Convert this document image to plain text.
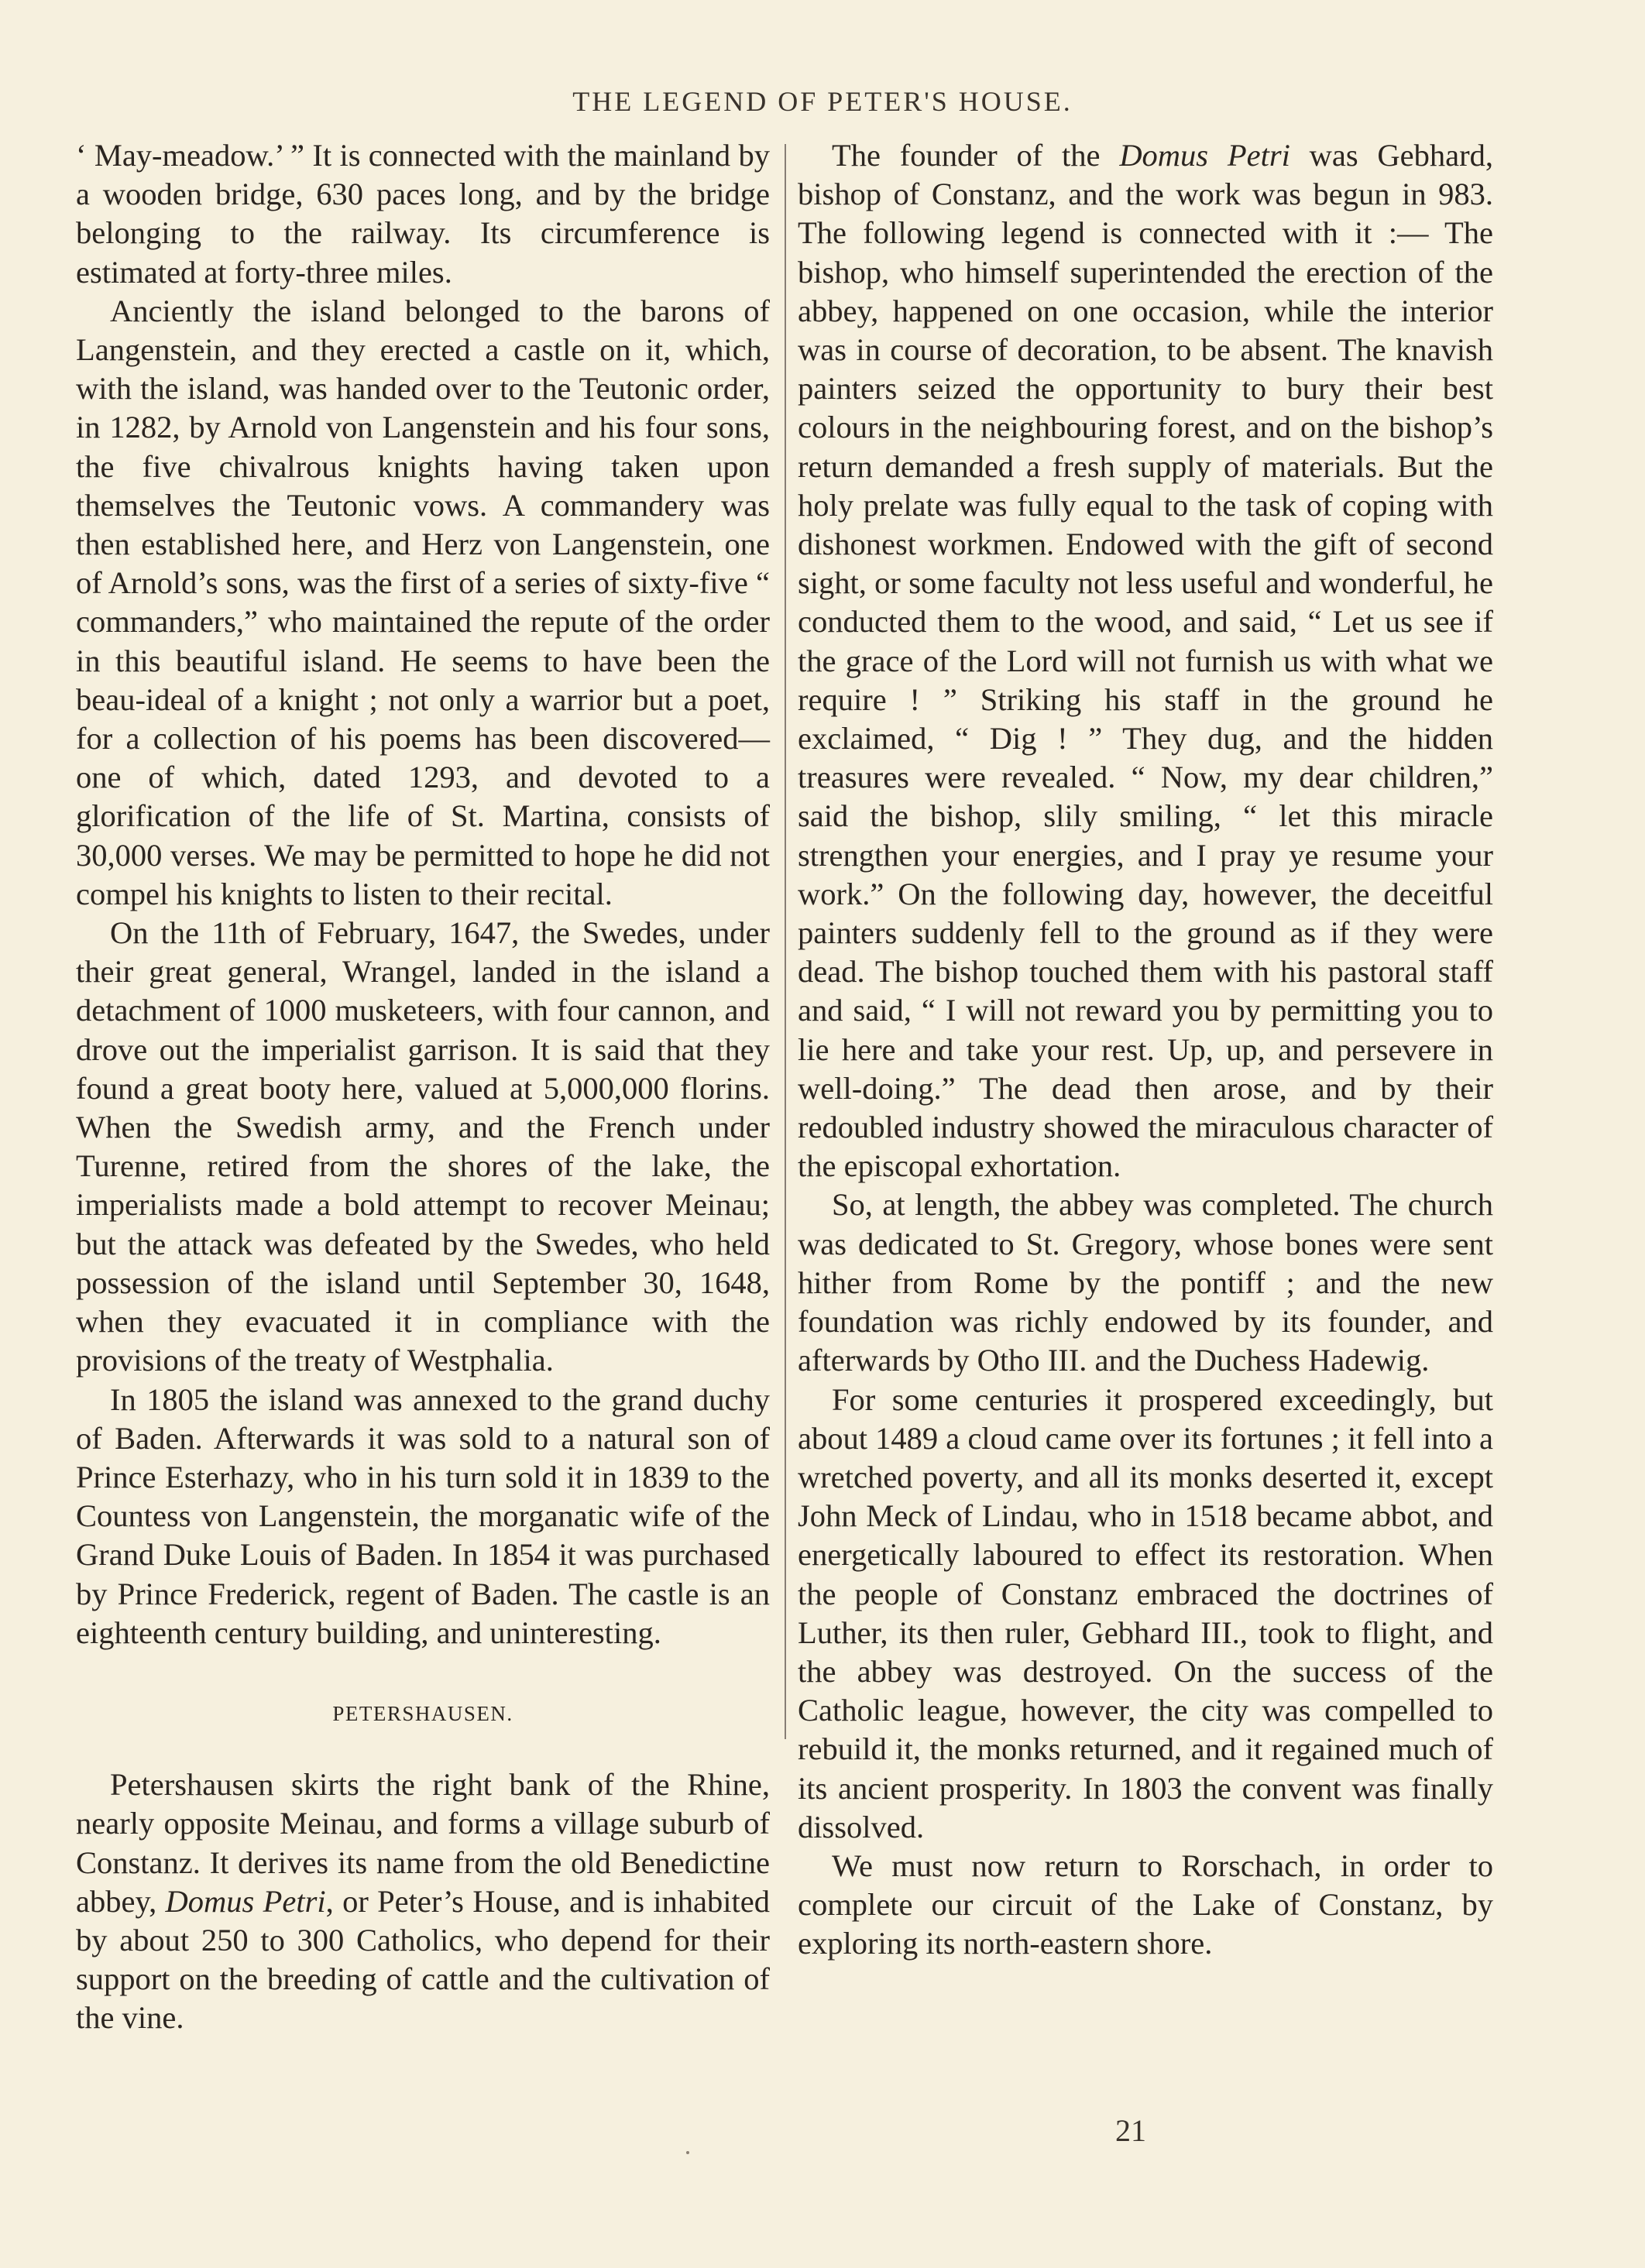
THE LEGEND OF PETER'S HOUSE.

‘ May-meadow.’ ” It is connected with the mainland by a wooden bridge, 630 paces long, and by the bridge belonging to the railway. Its circumference is estimated at forty-three miles.

Anciently the island belonged to the barons of Langenstein, and they erected a castle on it, which, with the island, was handed over to the Teutonic order, in 1282, by Arnold von Langenstein and his four sons, the five chivalrous knights having taken upon themselves the Teutonic vows. A commandery was then established here, and Herz von Langenstein, one of Arnold’s sons, was the first of a series of sixty-five “ commanders,” who maintained the repute of the order in this beautiful island. He seems to have been the beau-ideal of a knight ; not only a warrior but a poet, for a collection of his poems has been discovered—one of which, dated 1293, and devoted to a glorification of the life of St. Martina, consists of 30,000 verses. We may be permitted to hope he did not compel his knights to listen to their recital.

On the 11th of February, 1647, the Swedes, under their great general, Wrangel, landed in the island a detachment of 1000 musketeers, with four cannon, and drove out the imperialist garrison. It is said that they found a great booty here, valued at 5,000,000 florins. When the Swedish army, and the French under Turenne, retired from the shores of the lake, the imperialists made a bold attempt to recover Meinau; but the attack was defeated by the Swedes, who held possession of the island until September 30, 1648, when they evacuated it in compliance with the provisions of the treaty of Westphalia.

In 1805 the island was annexed to the grand duchy of Baden. Afterwards it was sold to a natural son of Prince Esterhazy, who in his turn sold it in 1839 to the Countess von Langenstein, the morganatic wife of the Grand Duke Louis of Baden. In 1854 it was purchased by Prince Frederick, regent of Baden. The castle is an eighteenth century building, and uninteresting.

PETERSHAUSEN.

Petershausen skirts the right bank of the Rhine, nearly opposite Meinau, and forms a village suburb of Constanz. It derives its name from the old Benedictine abbey, Domus Petri, or Peter’s House, and is inhabited by about 250 to 300 Catholics, who depend for their support on the breeding of cattle and the cultivation of the vine.

The founder of the Domus Petri was Gebhard, bishop of Constanz, and the work was begun in 983. The following legend is connected with it :— The bishop, who himself superintended the erection of the abbey, happened on one occasion, while the interior was in course of decoration, to be absent. The knavish painters seized the opportunity to bury their best colours in the neighbouring forest, and on the bishop’s return demanded a fresh supply of materials. But the holy prelate was fully equal to the task of coping with dishonest workmen. Endowed with the gift of second sight, or some faculty not less useful and wonderful, he conducted them to the wood, and said, “ Let us see if the grace of the Lord will not furnish us with what we require ! ” Striking his staff in the ground he exclaimed, “ Dig ! ” They dug, and the hidden treasures were revealed. “ Now, my dear children,” said the bishop, slily smiling, “ let this miracle strengthen your energies, and I pray ye resume your work.” On the following day, however, the deceitful painters suddenly fell to the ground as if they were dead. The bishop touched them with his pastoral staff and said, “ I will not reward you by permitting you to lie here and take your rest. Up, up, and persevere in well-doing.” The dead then arose, and by their redoubled industry showed the miraculous character of the episcopal exhortation.

So, at length, the abbey was completed. The church was dedicated to St. Gregory, whose bones were sent hither from Rome by the pontiff ; and the new foundation was richly endowed by its founder, and afterwards by Otho III. and the Duchess Hadewig.

For some centuries it prospered exceedingly, but about 1489 a cloud came over its fortunes ; it fell into a wretched poverty, and all its monks deserted it, except John Meck of Lindau, who in 1518 became abbot, and energetically laboured to effect its restoration. When the people of Constanz embraced the doctrines of Luther, its then ruler, Gebhard III., took to flight, and the abbey was destroyed. On the success of the Catholic league, however, the city was compelled to rebuild it, the monks returned, and it regained much of its ancient prosperity. In 1803 the convent was finally dissolved.

We must now return to Rorschach, in order to complete our circuit of the Lake of Constanz, by exploring its north-eastern shore.

21
